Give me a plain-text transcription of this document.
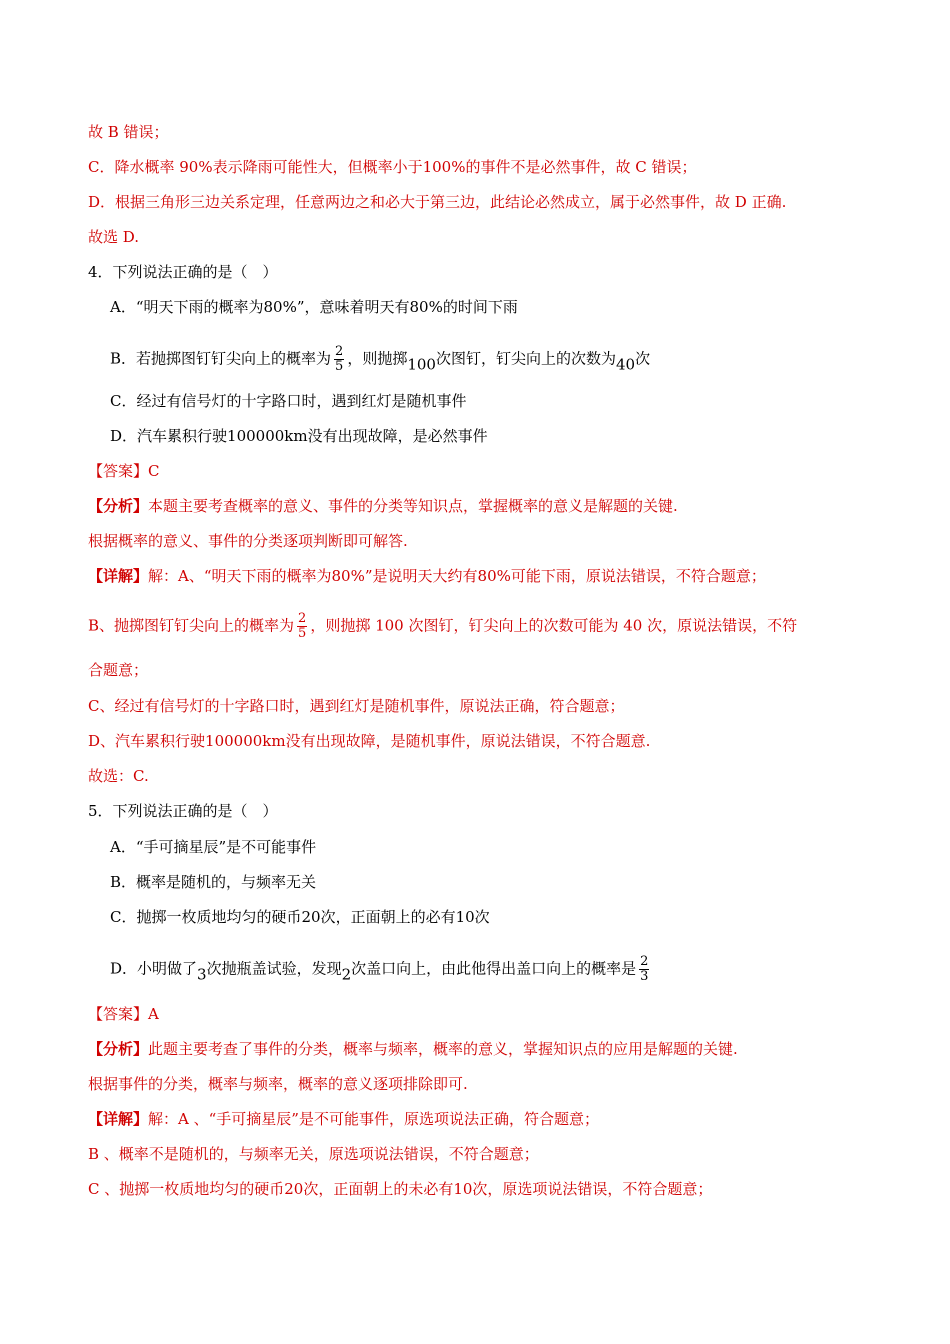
故 B 错误；
C．降水概率 90%表示降雨可能性大，但概率小于100%的事件不是必然事件，故 C 错误；
D．根据三角形三边关系定理，任意两边之和必大于第三边，此结论必然成立，属于必然事件，故 D 正确.
故选 D.
4．下列说法正确的是（　）
A．“明天下雨的概率为80%”，意味着明天有80%的时间下雨
B．若抛掷图钉钉尖向上的概率为 $\frac{2}{5}$ ，则抛掷100次图钉，钉尖向上的次数为40次
C．经过有信号灯的十字路口时，遇到红灯是随机事件
D．汽车累积行驶100000km没有出现故障，是必然事件
【答案】C
【分析】本题主要考查概率的意义、事件的分类等知识点，掌握概率的意义是解题的关键.
根据概率的意义、事件的分类逐项判断即可解答.
【详解】解：A、“明天下雨的概率为80%”是说明天大约有80%可能下雨，原说法错误，不符合题意；
B、抛掷图钉钉尖向上的概率为 $\frac{2}{5}$ ，则抛掷 100 次图钉，钉尖向上的次数可能为 40 次，原说法错误，不符
合题意；
C、经过有信号灯的十字路口时，遇到红灯是随机事件，原说法正确，符合题意；
D、汽车累积行驶100000km没有出现故障，是随机事件，原说法错误，不符合题意.
故选：C.
5．下列说法正确的是（　）
A．“手可摘星辰”是不可能事件
B．概率是随机的，与频率无关
C．抛掷一枚质地均匀的硬币20次，正面朝上的必有10次
D．小明做了3次抛瓶盖试验，发现2次盖口向上，由此他得出盖口向上的概率是 $\frac{2}{3}$
【答案】A
【分析】此题主要考查了事件的分类，概率与频率，概率的意义，掌握知识点的应用是解题的关键.
根据事件的分类，概率与频率，概率的意义逐项排除即可.
【详解】解：A 、“手可摘星辰”是不可能事件，原选项说法正确，符合题意；
B 、概率不是随机的，与频率无关，原选项说法错误，不符合题意；
C 、抛掷一枚质地均匀的硬币20次，正面朝上的未必有10次，原选项说法错误，不符合题意；
